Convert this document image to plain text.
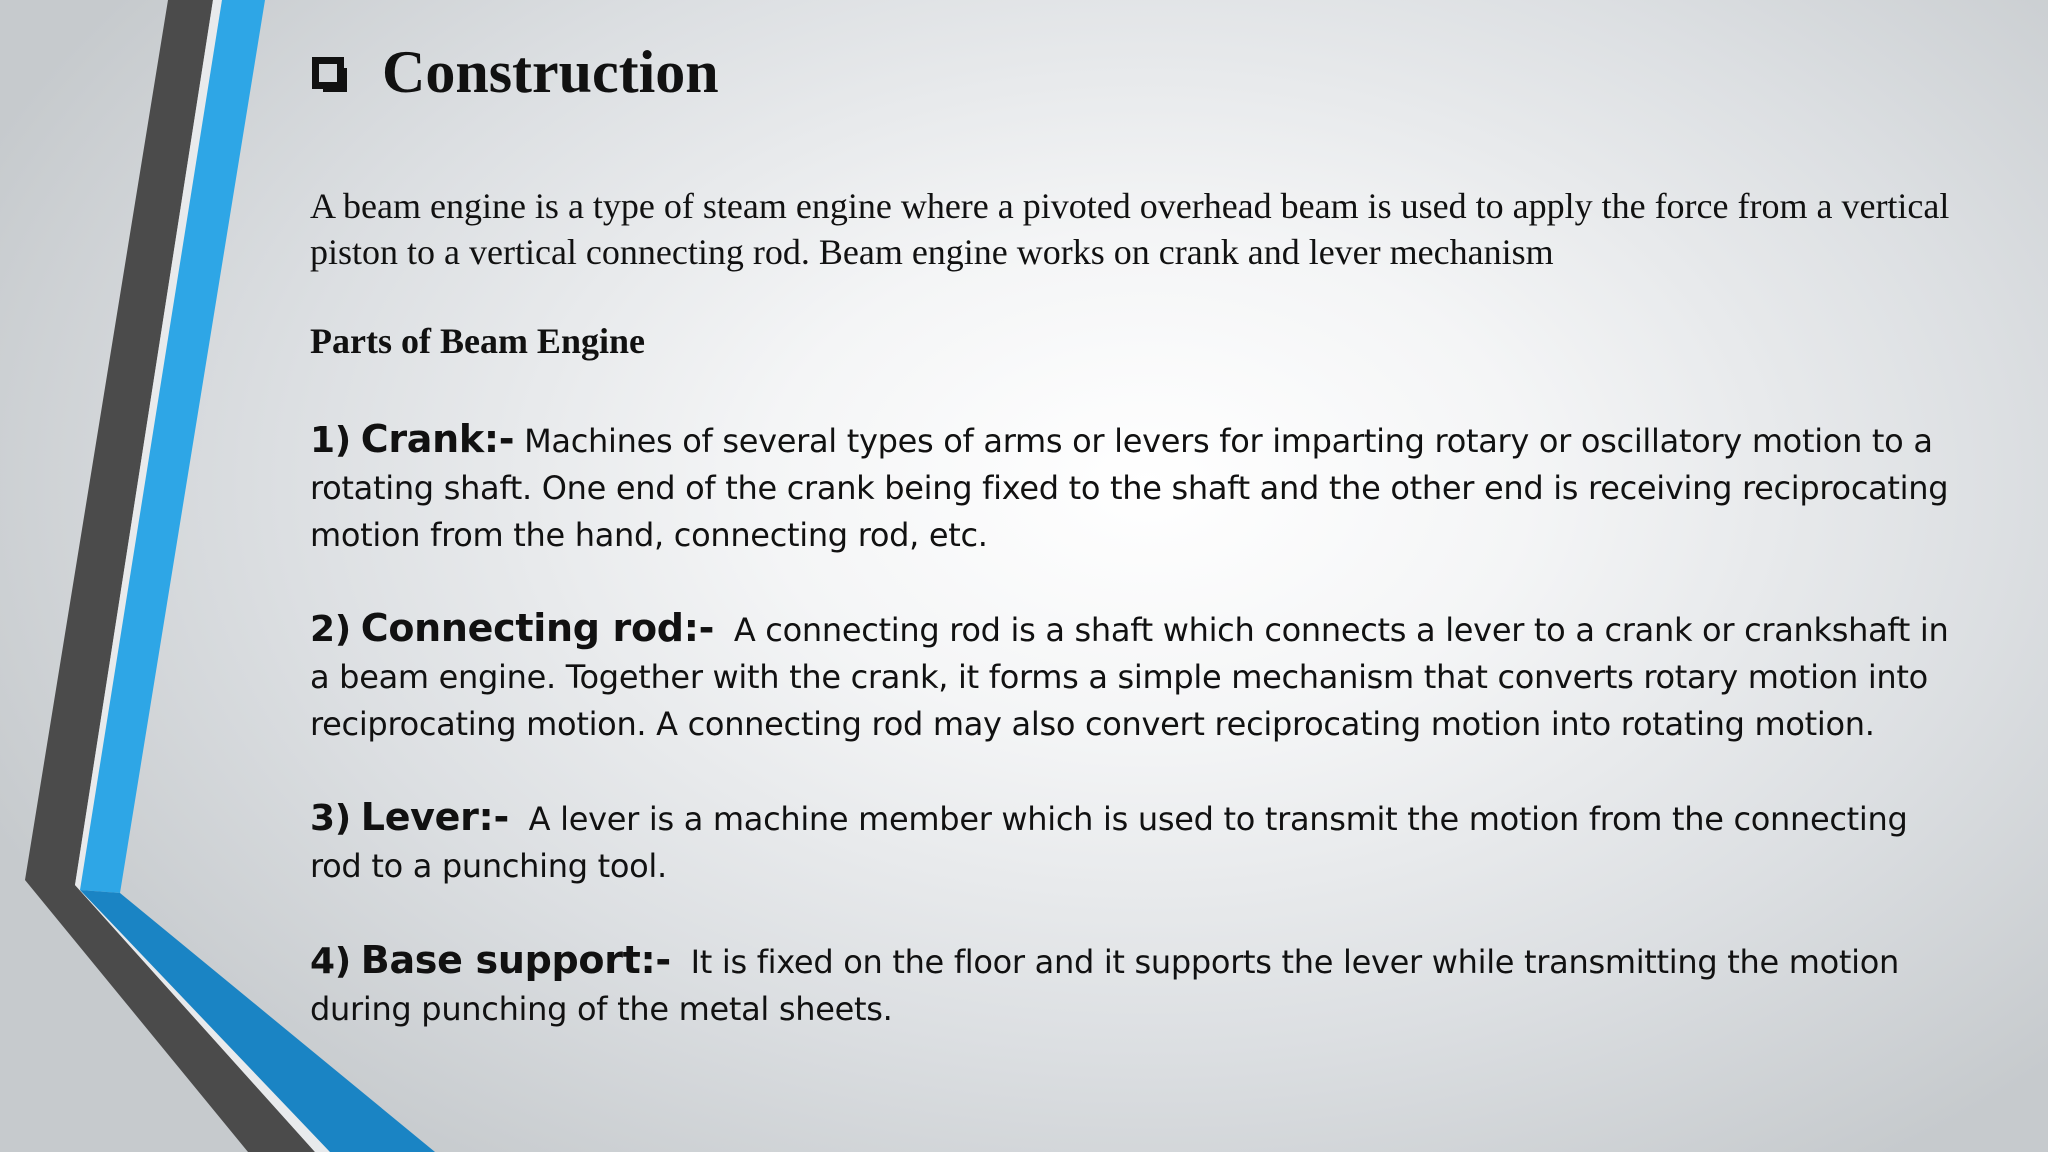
Construction
A beam engine is a type of steam engine where a pivoted overhead beam is used to apply the force from a vertical piston to a vertical connecting rod. Beam engine works on crank and lever mechanism
Parts of Beam Engine
1) Crank:- Machines of several types of arms or levers for imparting rotary or oscillatory motion to a rotating shaft. One end of the crank being fixed to the shaft and the other end is receiving reciprocating motion from the hand, connecting rod, etc.
2) Connecting rod:- A connecting rod is a shaft which connects a lever to a crank or crankshaft in a beam engine. Together with the crank, it forms a simple mechanism that converts rotary motion into reciprocating motion. A connecting rod may also convert reciprocating motion into rotating motion.
3) Lever:- A lever is a machine member which is used to transmit the motion from the connecting rod to a punching tool.
4) Base support:- It is fixed on the floor and it supports the lever while transmitting the motion during punching of the metal sheets.
